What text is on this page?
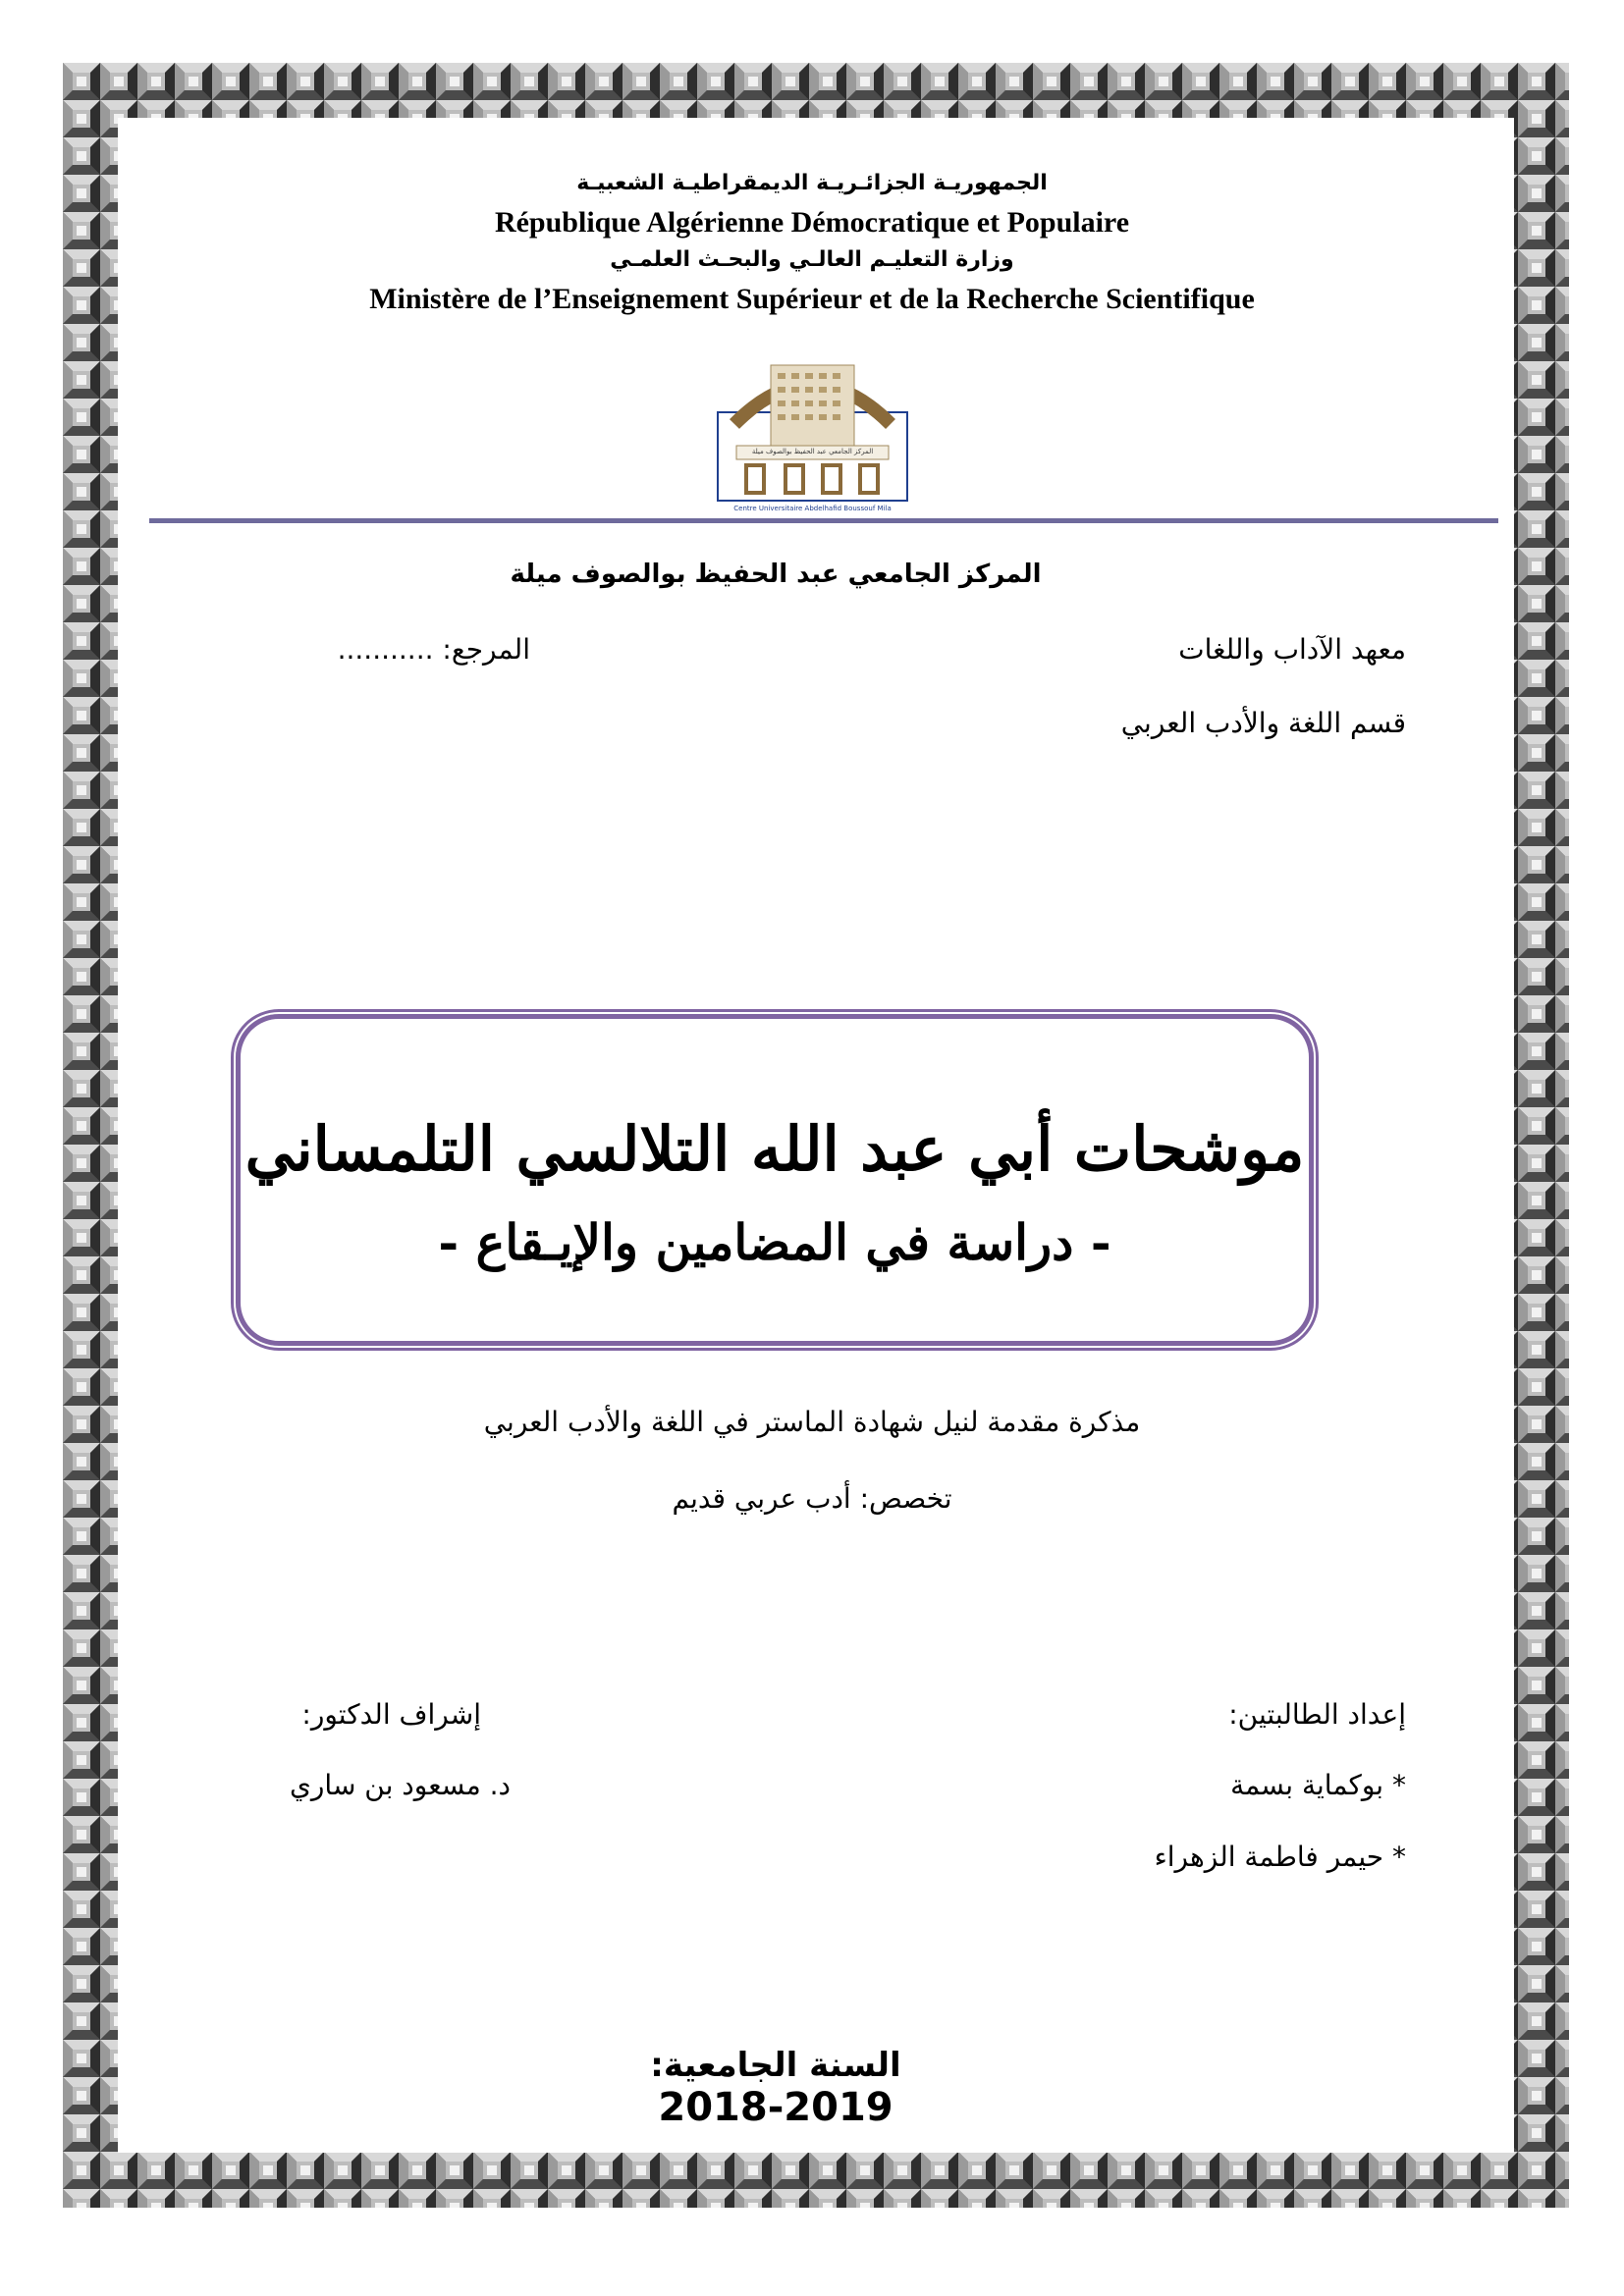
الجمهوريـة الجزائـريـة الديمقراطيـة الشعبيـة
République Algérienne Démocratique et Populaire
وزارة التعليـم العالـي والبحـث العلمـي
Ministère de l’Enseignement Supérieur et de la Recherche Scientifique
المركز الجامعي عبد الحفيظ بوالصوف ميلة
Centre Universitaire Abdelhafid Boussouf Mila
المركز الجامعي عبد الحفيظ بوالصوف ميلة
معهد الآداب واللغات
قسم اللغة والأدب العربي
المرجع: ...........
موشحات أبي عبد الله التلالسي التلمساني
- دراسة في المضامين والإيـقاع -
مذكرة مقدمة لنيل شهادة الماستر في اللغة والأدب العربي
تخصص: أدب عربي قديم
إعداد الطالبتين:
* بوكماية بسمة
* حيمر فاطمة الزهراء
إشراف الدكتور:
د. مسعود بن ساري
السنة الجامعية: 2018-2019
